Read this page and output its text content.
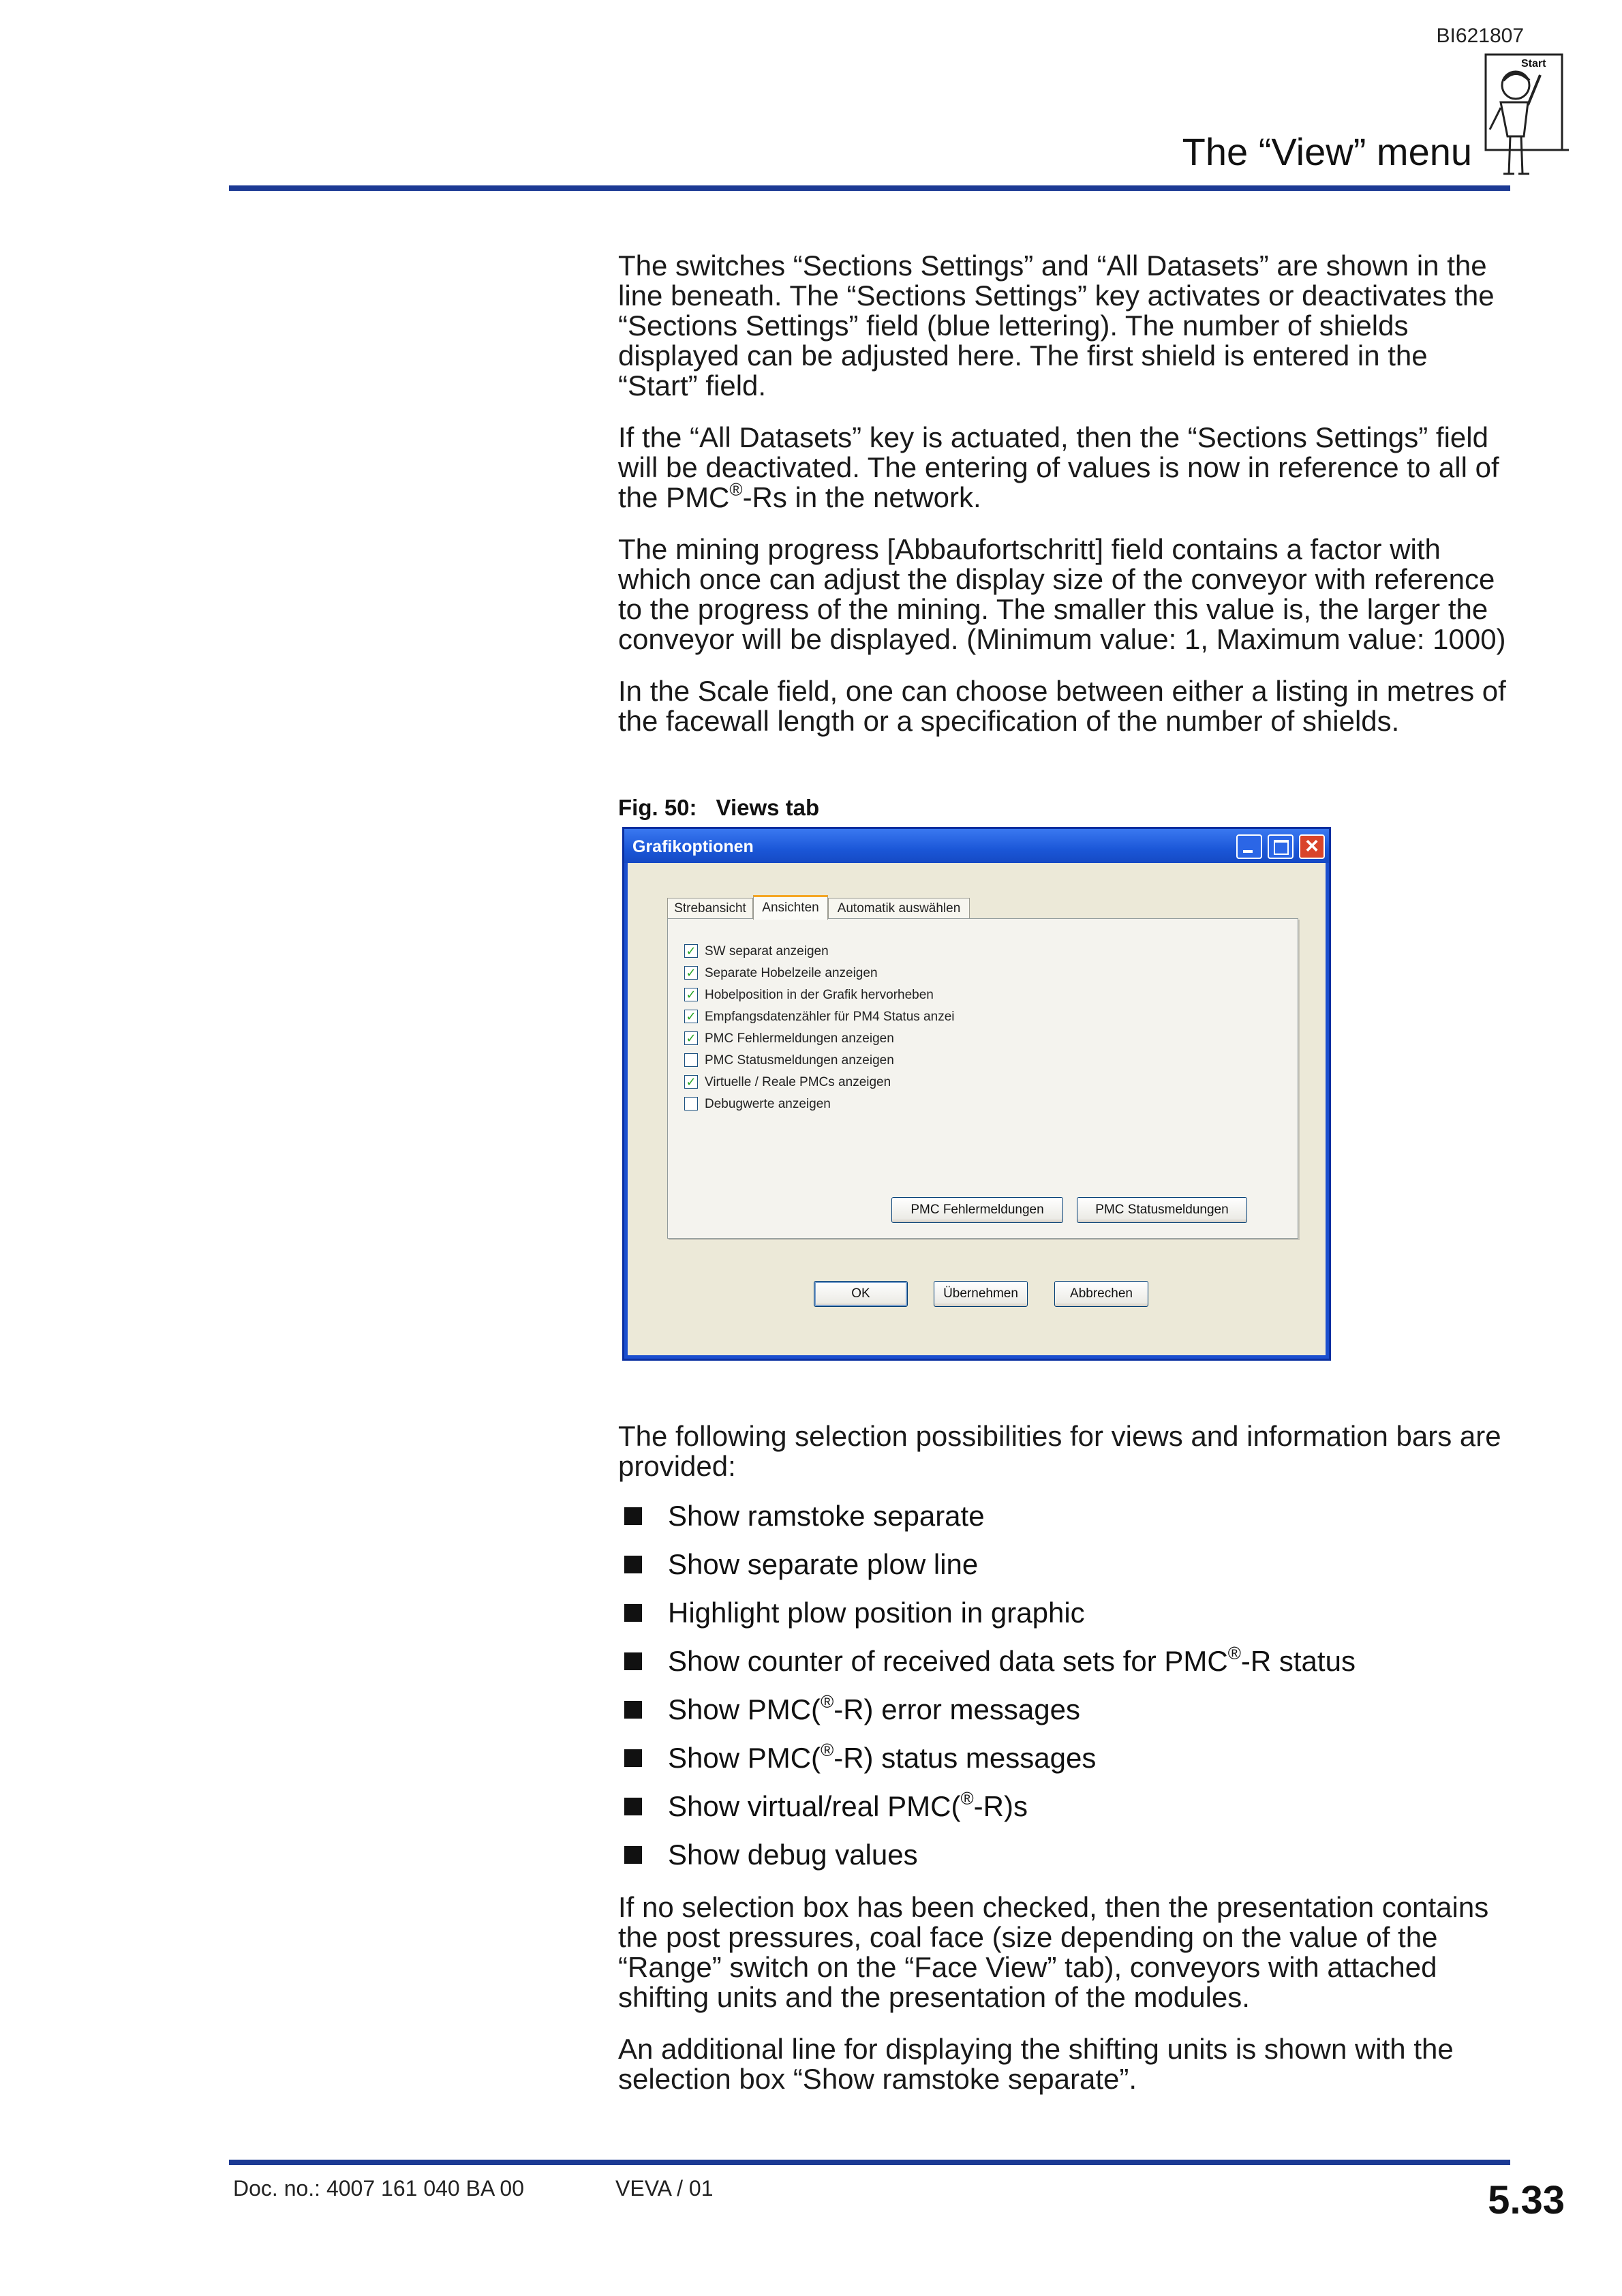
BI621807
The “View” menu
Start

The switches “Sections Settings” and “All Datasets” are shown in the line beneath. The “Sections Settings” key activates or deactivates the “Sections Settings” field (blue lettering). The number of shields displayed can be adjusted here. The first shield is entered in the “Start” field.

If the “All Datasets” key is actuated, then the “Sections Settings” field will be deactivated. The entering of values is now in reference to all of the PMC®-Rs in the network.

The mining progress [Abbaufortschritt] field contains a factor with which once can adjust the display size of the conveyor with reference to the progress of the mining. The smaller this value is, the larger the conveyor will be displayed. (Minimum value: 1, Maximum value: 1000)

In the Scale field, one can choose between either a listing in metres of the facewall length or a specification of the number of shields.

Fig. 50: Views tab
Grafikoptionen	×
Strebansicht	Ansichten	Automatik auswählen
✓ SW separat anzeigen
✓ Separate Hobelzeile anzeigen
✓ Hobelposition in der Grafik hervorheben
✓ Empfangsdatenzähler für PM4 Status anzei
✓ PMC Fehlermeldungen anzeigen
PMC Statusmeldungen anzeigen
✓ Virtuelle / Reale PMCs anzeigen
Debugwerte anzeigen
PMC Fehlermeldungen	PMC Statusmeldungen
OK	Übernehmen	Abbrechen

The following selection possibilities for views and information bars are provided:

Show ramstoke separate
Show separate plow line
Highlight plow position in graphic
Show counter of received data sets for PMC®-R status
Show PMC(®-R) error messages
Show PMC(®-R) status messages
Show virtual/real PMC(®-R)s
Show debug values

If no selection box has been checked, then the presentation contains the post pressures, coal face (size depending on the value of the “Range” switch on the “Face View” tab), conveyors with attached shifting units and the presentation of the modules.

An additional line for displaying the shifting units is shown with the selection box “Show ramstoke separate”.

Doc. no.: 4007 161 040 BA 00	VEVA / 01	5.33
